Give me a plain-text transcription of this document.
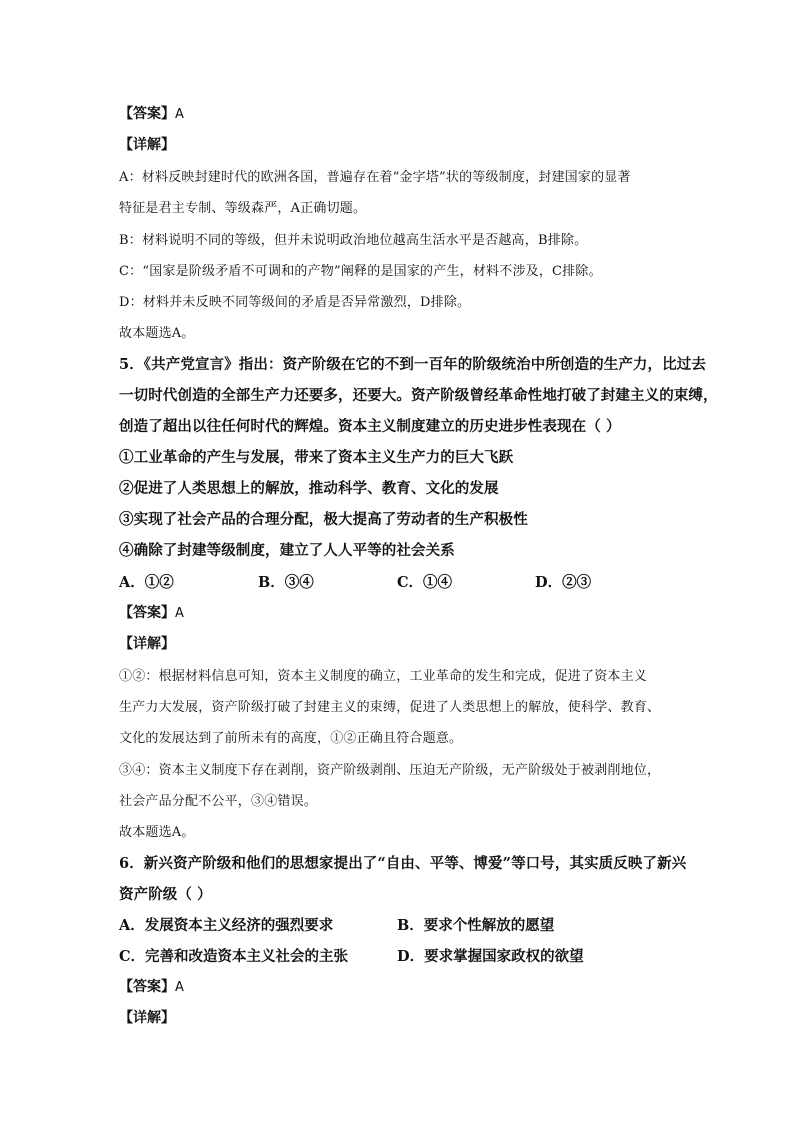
【答案】A
【详解】
A：材料反映封建时代的欧洲各国，普遍存在着“金字塔”状的等级制度，封建国家的显著
特征是君主专制、等级森严，A正确切题。
B：材料说明不同的等级，但并未说明政治地位越高生活水平是否越高，B排除。
C：“国家是阶级矛盾不可调和的产物”阐释的是国家的产生，材料不涉及，C排除。
D：材料并未反映不同等级间的矛盾是否异常激烈，D排除。
故本题选A。
5．《共产党宣言》指出：资产阶级在它的不到一百年的阶级统治中所创造的生产力，比过去
一切时代创造的全部生产力还要多，还要大。资产阶级曾经革命性地打破了封建主义的束缚，
创造了超出以往任何时代的辉煌。资本主义制度建立的历史进步性表现在（ ）
①工业革命的产生与发展，带来了资本主义生产力的巨大飞跃
②促进了人类思想上的解放，推动科学、教育、文化的发展
③实现了社会产品的合理分配，极大提高了劳动者的生产积极性
④确除了封建等级制度，建立了人人平等的社会关系
A．①②	B．③④	C．①④	D．②③
【答案】A
【详解】
①②：根据材料信息可知，资本主义制度的确立，工业革命的发生和完成，促进了资本主义
生产力大发展，资产阶级打破了封建主义的束缚，促进了人类思想上的解放，使科学、教育、
文化的发展达到了前所未有的高度，①②正确且符合题意。
③④：资本主义制度下存在剥削，资产阶级剥削、压迫无产阶级，无产阶级处于被剥削地位，
社会产品分配不公平，③④错误。
故本题选A。
6．新兴资产阶级和他们的思想家提出了“自由、平等、博爱”等口号，其实质反映了新兴
资产阶级（ ）
A．发展资本主义经济的强烈要求	B．要求个性解放的愿望
C．完善和改造资本主义社会的主张	D．要求掌握国家政权的欲望
【答案】A
【详解】
